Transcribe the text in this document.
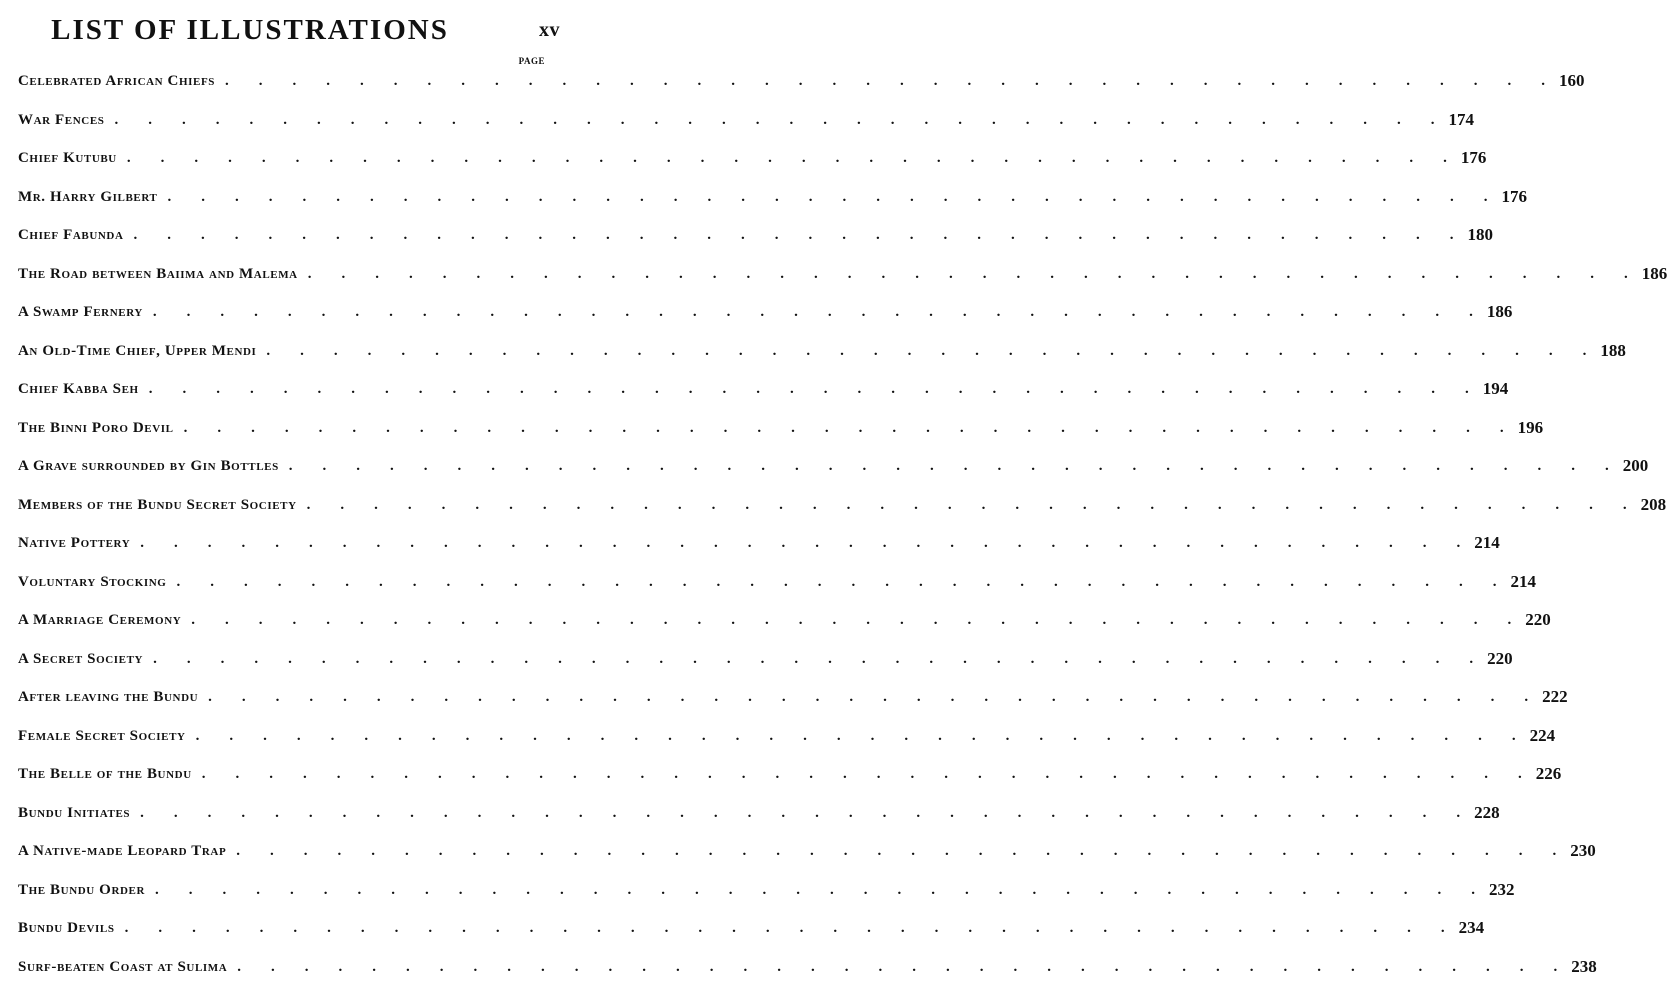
LIST OF ILLUSTRATIONS	xv
PAGE
Celebrated African Chiefs .  .  .  .  .  .  .  .  .  .  .  .  .  .  .  .  .  .  .  .  .  .  .  .  .  .  .  .  .  .  .  .  .  .  .  .  .  .  .  . 160
War Fences .  .  .  .  .  .  .  .  .  .  .  .  .  .  .  .  .  .  .  .  .  .  .  .  .  .  .  .  .  .  .  .  .  .  .  .  .  .  .  . 174
Chief Kutubu .  .  .  .  .  .  .  .  .  .  .  .  .  .  .  .  .  .  .  .  .  .  .  .  .  .  .  .  .  .  .  .  .  .  .  .  .  .  .  . 176
Mr. Harry Gilbert .  .  .  .  .  .  .  .  .  .  .  .  .  .  .  .  .  .  .  .  .  .  .  .  .  .  .  .  .  .  .  .  .  .  .  .  .  .  .  . 176
Chief Fabunda .  .  .  .  .  .  .  .  .  .  .  .  .  .  .  .  .  .  .  .  .  .  .  .  .  .  .  .  .  .  .  .  .  .  .  .  .  .  .  . 180
The Road between Baiima and Malema .  .  .  .  .  .  .  .  .  .  .  .  .  .  .  .  .  .  .  .  .  .  .  .  .  .  .  .  .  .  .  .  .  .  .  .  .  .  .  . 186
A Swamp Fernery .  .  .  .  .  .  .  .  .  .  .  .  .  .  .  .  .  .  .  .  .  .  .  .  .  .  .  .  .  .  .  .  .  .  .  .  .  .  .  . 186
An Old-Time Chief, Upper Mendi .  .  .  .  .  .  .  .  .  .  .  .  .  .  .  .  .  .  .  .  .  .  .  .  .  .  .  .  .  .  .  .  .  .  .  .  .  .  .  . 188
Chief Kabba Seh .  .  .  .  .  .  .  .  .  .  .  .  .  .  .  .  .  .  .  .  .  .  .  .  .  .  .  .  .  .  .  .  .  .  .  .  .  .  .  . 194
The Binni Poro Devil .  .  .  .  .  .  .  .  .  .  .  .  .  .  .  .  .  .  .  .  .  .  .  .  .  .  .  .  .  .  .  .  .  .  .  .  .  .  .  . 196
A Grave surrounded by Gin Bottles .  .  .  .  .  .  .  .  .  .  .  .  .  .  .  .  .  .  .  .  .  .  .  .  .  .  .  .  .  .  .  .  .  .  .  .  .  .  .  . 200
Members of the Bundu Secret Society .  .  .  .  .  .  .  .  .  .  .  .  .  .  .  .  .  .  .  .  .  .  .  .  .  .  .  .  .  .  .  .  .  .  .  .  .  .  .  . 208
Native Pottery .  .  .  .  .  .  .  .  .  .  .  .  .  .  .  .  .  .  .  .  .  .  .  .  .  .  .  .  .  .  .  .  .  .  .  .  .  .  .  . 214
Voluntary Stocking .  .  .  .  .  .  .  .  .  .  .  .  .  .  .  .  .  .  .  .  .  .  .  .  .  .  .  .  .  .  .  .  .  .  .  .  .  .  .  . 214
A Marriage Ceremony .  .  .  .  .  .  .  .  .  .  .  .  .  .  .  .  .  .  .  .  .  .  .  .  .  .  .  .  .  .  .  .  .  .  .  .  .  .  .  . 220
A Secret Society .  .  .  .  .  .  .  .  .  .  .  .  .  .  .  .  .  .  .  .  .  .  .  .  .  .  .  .  .  .  .  .  .  .  .  .  .  .  .  . 220
After leaving the Bundu .  .  .  .  .  .  .  .  .  .  .  .  .  .  .  .  .  .  .  .  .  .  .  .  .  .  .  .  .  .  .  .  .  .  .  .  .  .  .  . 222
Female Secret Society .  .  .  .  .  .  .  .  .  .  .  .  .  .  .  .  .  .  .  .  .  .  .  .  .  .  .  .  .  .  .  .  .  .  .  .  .  .  .  . 224
The Belle of the Bundu .  .  .  .  .  .  .  .  .  .  .  .  .  .  .  .  .  .  .  .  .  .  .  .  .  .  .  .  .  .  .  .  .  .  .  .  .  .  .  . 226
Bundu Initiates .  .  .  .  .  .  .  .  .  .  .  .  .  .  .  .  .  .  .  .  .  .  .  .  .  .  .  .  .  .  .  .  .  .  .  .  .  .  .  . 228
A Native-made Leopard Trap .  .  .  .  .  .  .  .  .  .  .  .  .  .  .  .  .  .  .  .  .  .  .  .  .  .  .  .  .  .  .  .  .  .  .  .  .  .  .  . 230
The Bundu Order .  .  .  .  .  .  .  .  .  .  .  .  .  .  .  .  .  .  .  .  .  .  .  .  .  .  .  .  .  .  .  .  .  .  .  .  .  .  .  . 232
Bundu Devils .  .  .  .  .  .  .  .  .  .  .  .  .  .  .  .  .  .  .  .  .  .  .  .  .  .  .  .  .  .  .  .  .  .  .  .  .  .  .  . 234
Surf-beaten Coast at Sulima .  .  .  .  .  .  .  .  .  .  .  .  .  .  .  .  .  .  .  .  .  .  .  .  .  .  .  .  .  .  .  .  .  .  .  .  .  .  .  . 238
